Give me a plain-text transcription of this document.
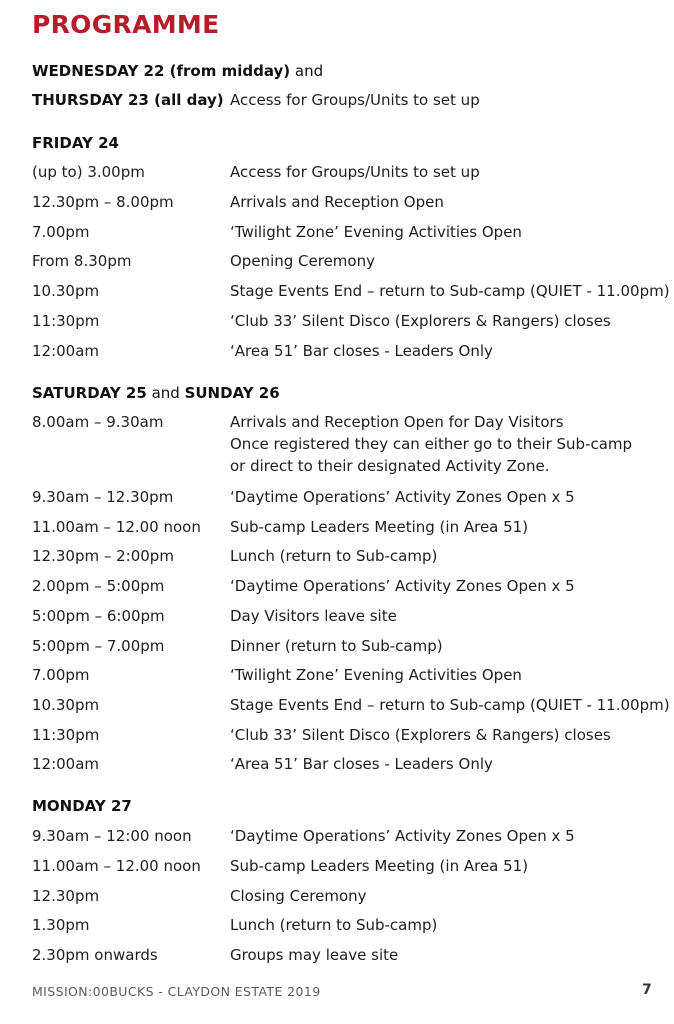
PROGRAMME
WEDNESDAY 22 (from midday) and
THURSDAY 23 (all day) Access for Groups/Units to set up
FRIDAY 24
(up to) 3.00pm	Access for Groups/Units to set up
12.30pm – 8.00pm	Arrivals and Reception Open
7.00pm	‘Twilight Zone’ Evening Activities Open
From 8.30pm	Opening Ceremony
10.30pm	Stage Events End – return to Sub-camp (QUIET - 11.00pm)
11:30pm	‘Club 33’ Silent Disco (Explorers & Rangers) closes
12:00am	‘Area 51’ Bar closes - Leaders Only
SATURDAY 25 and SUNDAY 26
8.00am – 9.30am	Arrivals and Reception Open for Day Visitors
Once registered they can either go to their Sub-camp
or direct to their designated Activity Zone.
9.30am – 12.30pm	‘Daytime Operations’ Activity Zones Open x 5
11.00am – 12.00 noon Sub-camp Leaders Meeting (in Area 51)
12.30pm – 2:00pm	Lunch (return to Sub-camp)
2.00pm – 5:00pm	‘Daytime Operations’ Activity Zones Open x 5
5:00pm – 6:00pm	Day Visitors leave site
5:00pm – 7.00pm	Dinner (return to Sub-camp)
7.00pm	‘Twilight Zone’ Evening Activities Open
10.30pm	Stage Events End – return to Sub-camp (QUIET - 11.00pm)
11:30pm	‘Club 33’ Silent Disco (Explorers & Rangers) closes
12:00am	‘Area 51’ Bar closes - Leaders Only
MONDAY 27
9.30am – 12:00 noon	‘Daytime Operations’ Activity Zones Open x 5
11.00am – 12.00 noon Sub-camp Leaders Meeting (in Area 51)
12.30pm	Closing Ceremony
1.30pm	Lunch (return to Sub-camp)
2.30pm onwards	Groups may leave site
MISSION:00BUCKS - CLAYDON ESTATE 2019	7
